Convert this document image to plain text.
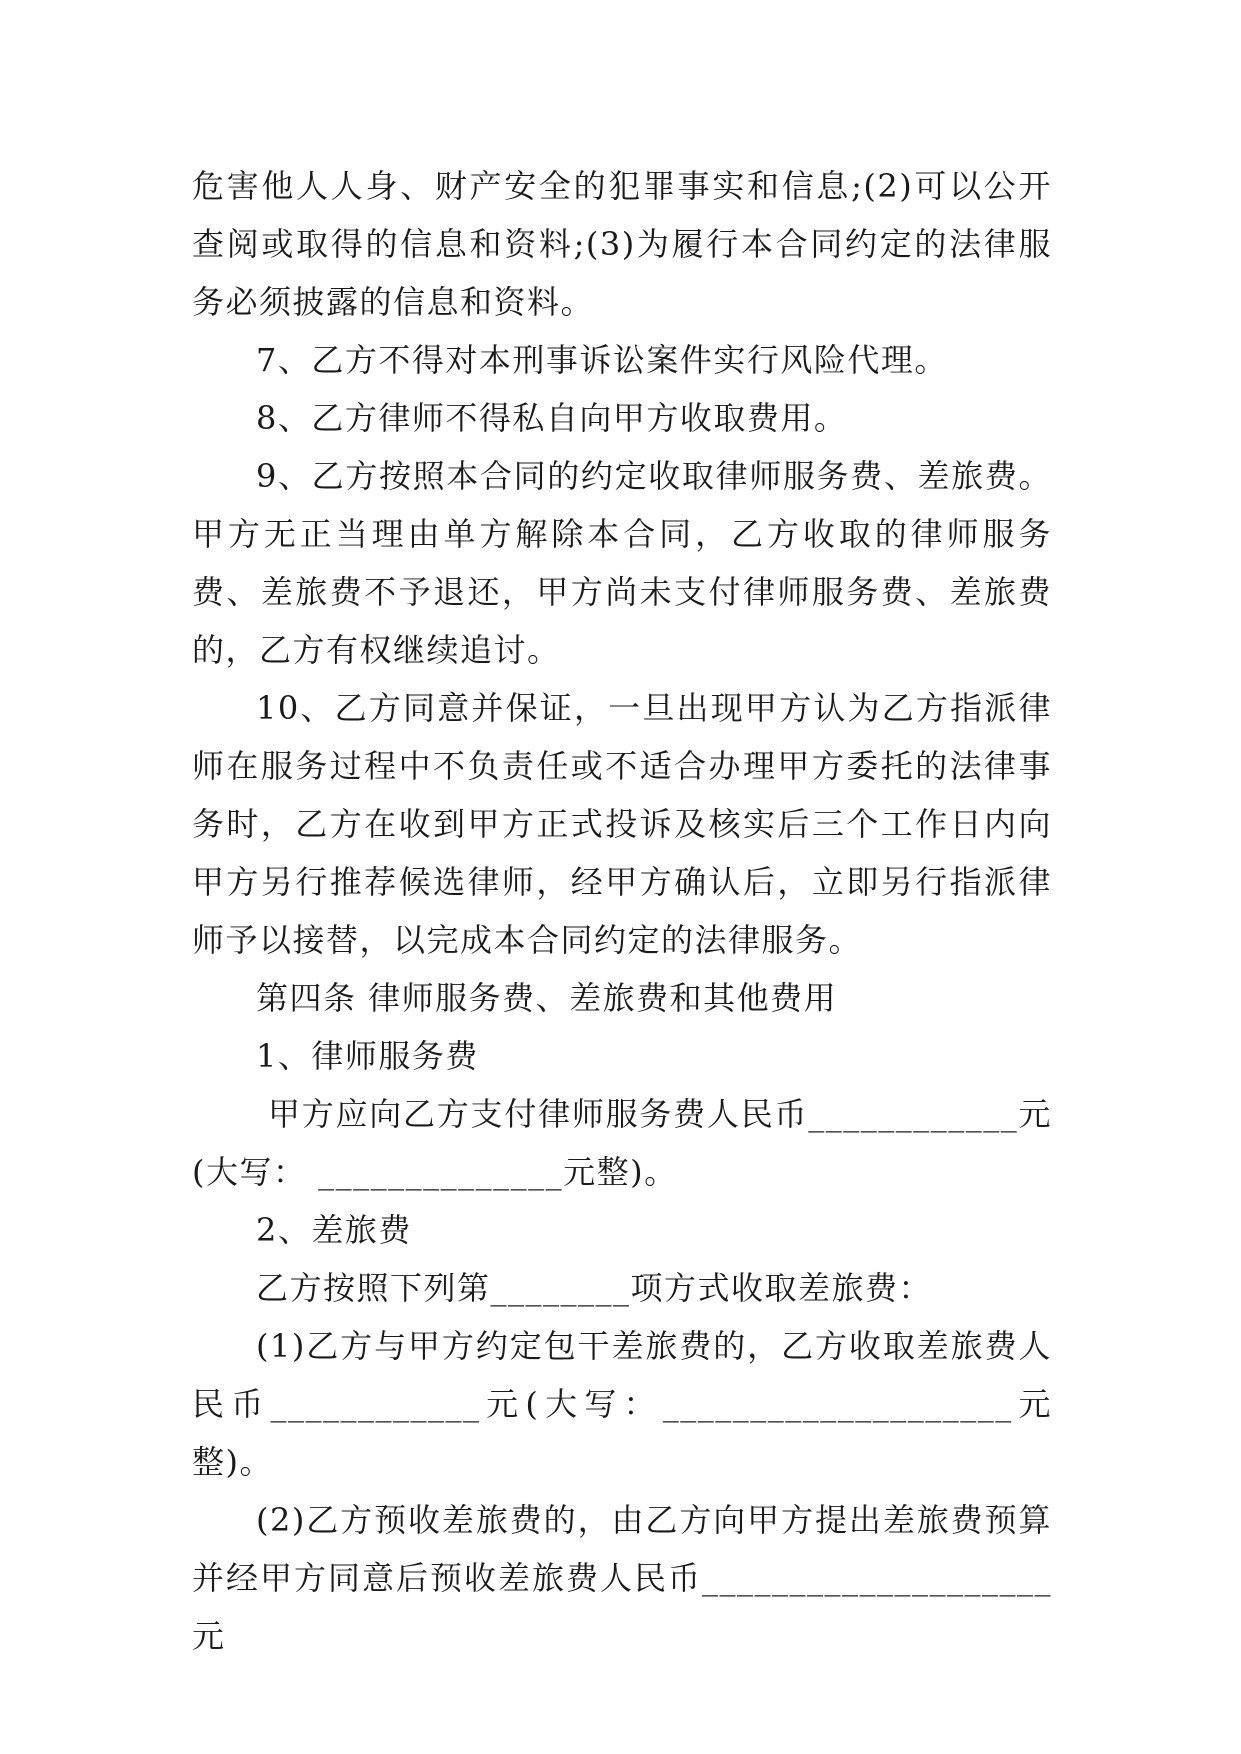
危害他人人身、财产安全的犯罪事实和信息;(2)可以公开查阅或取得的信息和资料;(3)为履行本合同约定的法律服务必须披露的信息和资料。

7、乙方不得对本刑事诉讼案件实行风险代理。

8、乙方律师不得私自向甲方收取费用。

9、乙方按照本合同的约定收取律师服务费、差旅费。甲方无正当理由单方解除本合同，乙方收取的律师服务费、差旅费不予退还，甲方尚未支付律师服务费、差旅费的，乙方有权继续追讨。

10、乙方同意并保证，一旦出现甲方认为乙方指派律师在服务过程中不负责任或不适合办理甲方委托的法律事务时，乙方在收到甲方正式投诉及核实后三个工作日内向甲方另行推荐候选律师，经甲方确认后，立即另行指派律师予以接替，以完成本合同约定的法律服务。

第四条 律师服务费、差旅费和其他费用

1、律师服务费

甲方应向乙方支付律师服务费人民币____________元(大写： ______________元整)。

2、差旅费

乙方按照下列第________项方式收取差旅费：

(1)乙方与甲方约定包干差旅费的，乙方收取差旅费人民币____________元(大写：____________________元整)。

(2)乙方预收差旅费的，由乙方向甲方提出差旅费预算并经甲方同意后预收差旅费人民币____________________元
